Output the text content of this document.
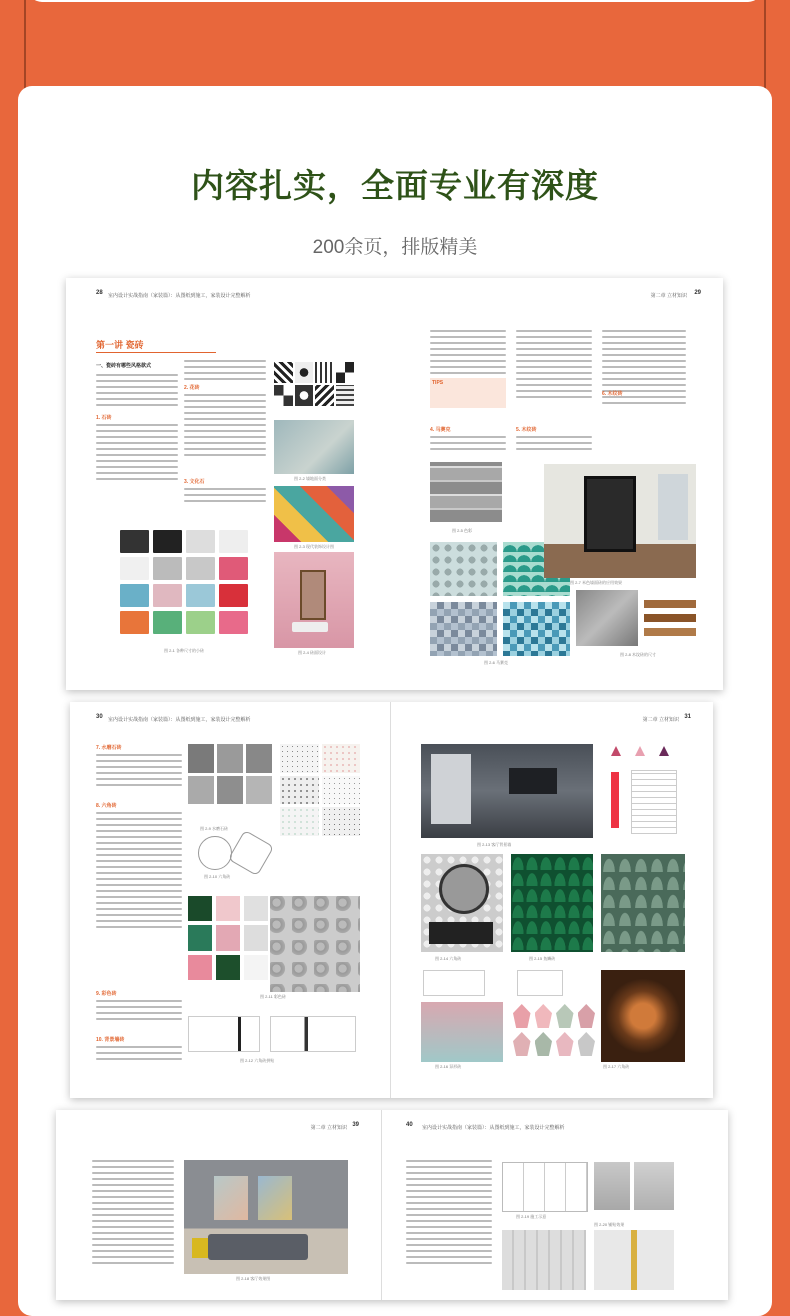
内容扎实，全面专业有深度
200余页，排版精美
28 室内设计实战指南（家装篇）：从图纸到施工，家装设计完整解析
第一讲 瓷砖
一、瓷砖有哪些风格款式
1. 石砖
2. 花砖
3. 文化石
图 2-2 墙地面分类
图 2-3 现代装饰设计图
图 2-4 砖面设计
图 2-1 各种尺寸的小砖
第二章 立材知识 29
TIPS
4. 马赛克	5. 木纹砖
6. 木纹砖
图 2-5 色彩
图 2-6 马赛克
图 2-7 米色墙面砖的应用效果
图 2-8 木纹砖的尺寸
30 室内设计实战指南（家装篇）：从图纸到施工，家装设计完整解析
7. 水磨石砖
8. 六角砖
9. 彩色砖
10. 背景墙砖
图 2-9 水磨石砖
图 2-10 六角砖
图 2-11 彩色砖
图 2-12 六角砖拼贴
第二章 立材知识 31
图 2-13 客厅背景墙
图 2-14 六角砖	图 2-15 鱼鳞砖
图 2-16 异形砖	图 2-17 六角砖
第二章 立材知识 39
图 2-18 客厅效果图
40 室内设计实战指南（家装篇）：从图纸到施工，家装设计完整解析
图 2-19 施工示意
图 2-20 铺贴效果
